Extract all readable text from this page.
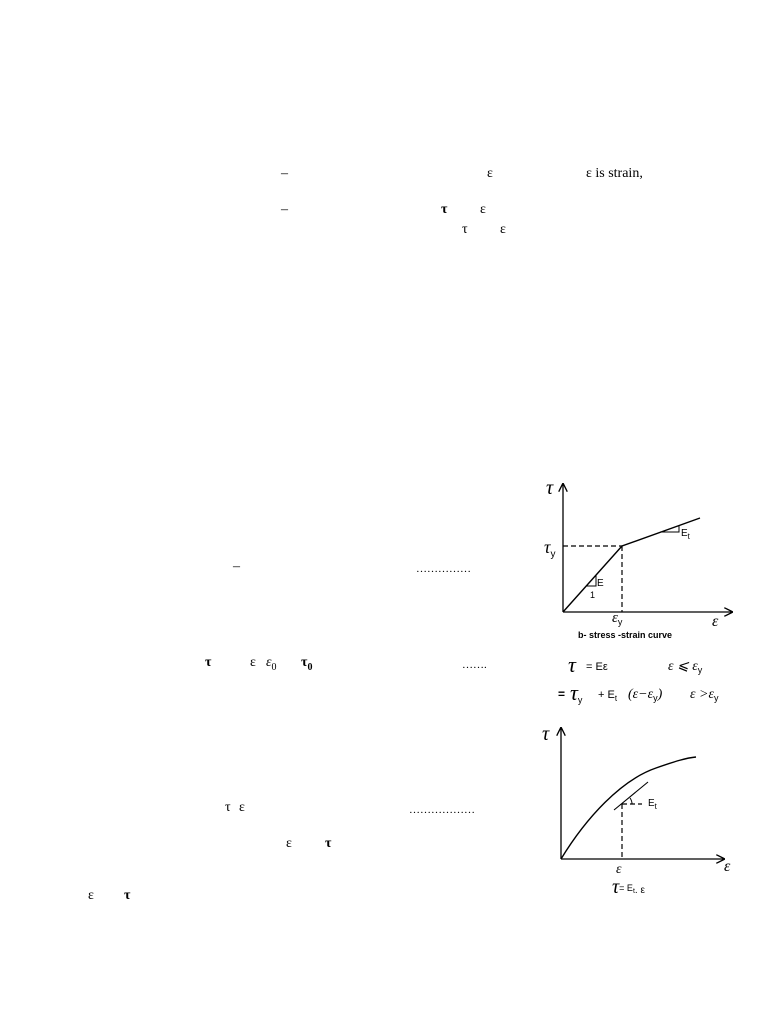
–	ε	ε is strain,
–	τ ε
τ ε
–	……………
τ	ε $\varepsilon_0$ $\tau_0$	…….
τ ε	………………
ε τ
ε τ
τ
$\tau_y$
ε
$\varepsilon_y$
E
1
$E_t$
b- stress -strain curve
τ = Eε	ε ⩽ $\varepsilon_y$
= $\tau y + E_t$ $(\varepsilon-\varepsilon_y)$ $\varepsilon >\varepsilon_y$
τ
ε
ε
$E_t$
τ= Et. ε
